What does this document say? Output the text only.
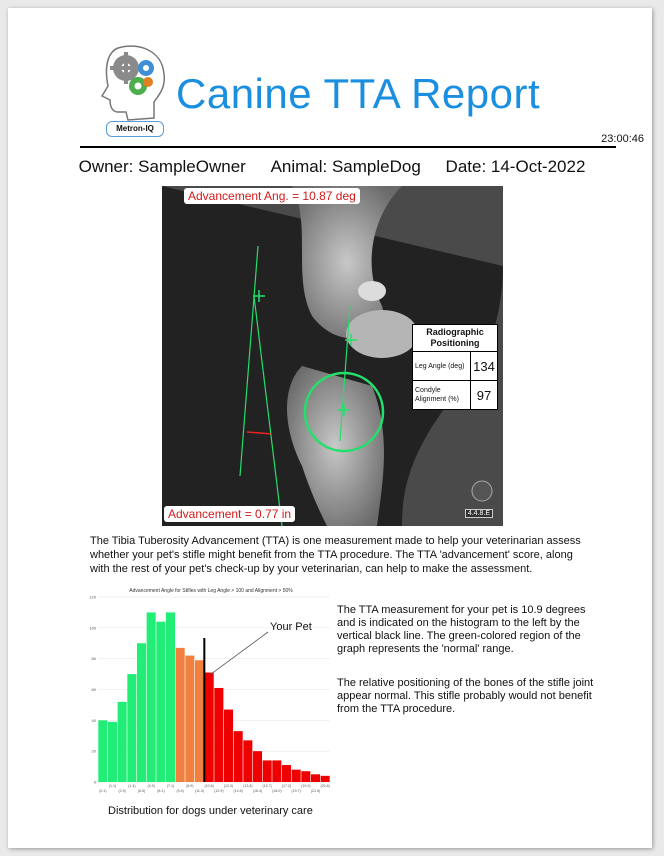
Metron-IQ
Canine TTA Report
23:00:46
Owner: SampleOwner Animal: SampleDog Date: 14-Oct-2022
Advancement Ang. = 10.87 deg
Advancement = 0.77 in
Radiographic Positioning
Leg Angle (deg) 134
Condyle Alignment (%)	97
4.4.8.E
The Tibia Tuberosity Advancement (TTA) is one measurement made to help your veterinarian assess whether your pet's stifle might benefit from the TTA procedure. The TTA 'advancement' score, along with the rest of your pet's check-up by your veterinarian, can help to make the assessment.
Advancement Angle for Stifles with Leg Angle > 100 and Alignment > 50%
0
20
40
60
80
100
120
(1.1)	(1.4)	(4.3)	(7.1)	(8.9)	(10.6)	(12.0)	(13.8)	(15.7)	(17.2)	(19.0)	(20.6)
(0.1)	(2.9)	(6.5)	(8.1)	(9.4)	(11.3)	(12.9)	(14.6)	(16.4)	(18.0)	(19.7)	(21.6)
Your Pet
Distribution for dogs under veterinary care
The TTA measurement for your pet is 10.9 degrees and is indicated on the histogram to the left by the vertical black line. The green-colored region of the graph represents the 'normal' range.
The relative positioning of the bones of the stifle joint appear normal. This stifle probably would not benefit from the TTA procedure.
